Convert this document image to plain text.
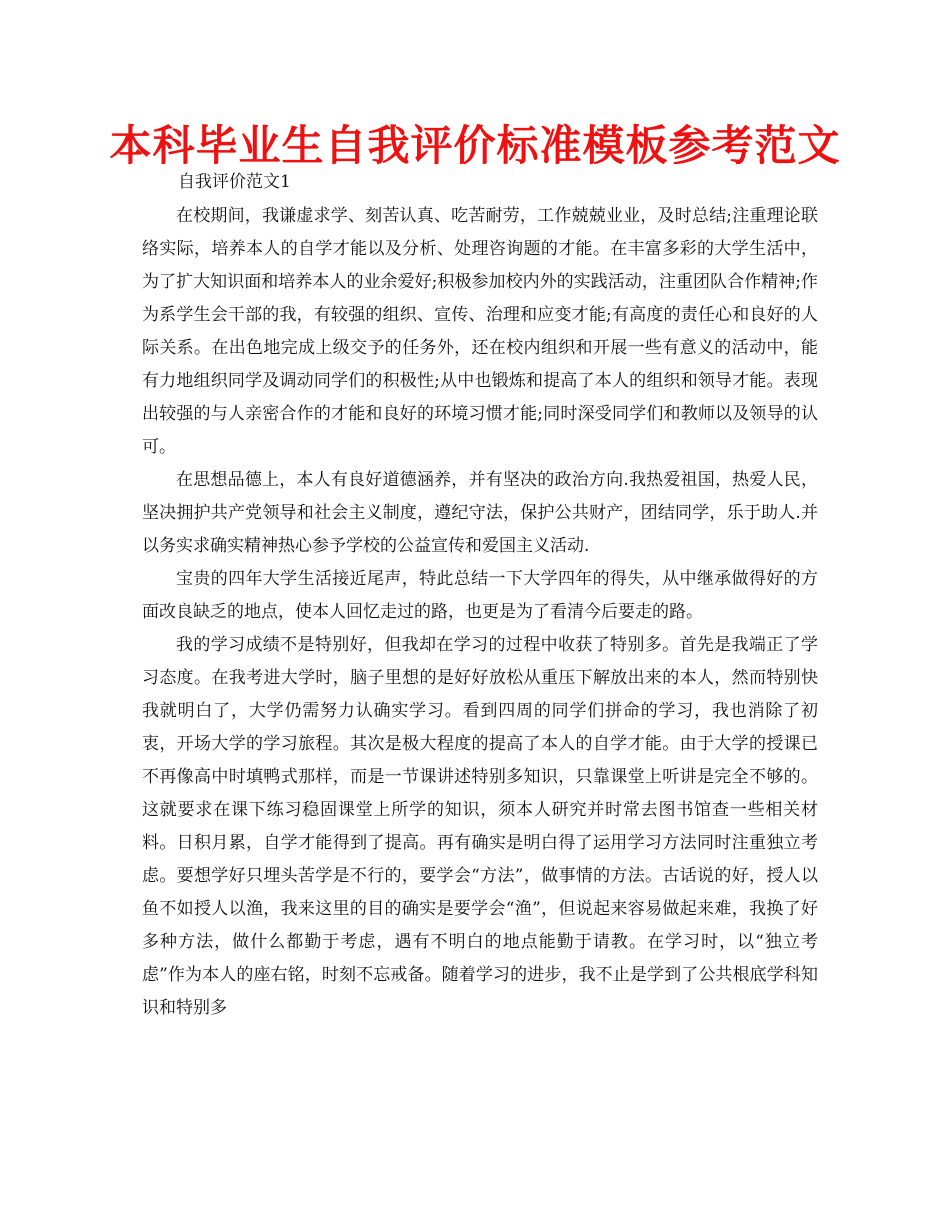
本科毕业生自我评价标准模板参考范文
自我评价范文1

在校期间，我谦虚求学、刻苦认真、吃苦耐劳，工作兢兢业业，及时总结;注重理论联络实际，培养本人的自学才能以及分析、处理咨询题的才能。在丰富多彩的大学生活中，为了扩大知识面和培养本人的业余爱好;积极参加校内外的实践活动，注重团队合作精神;作为系学生会干部的我，有较强的组织、宣传、治理和应变才能;有高度的责任心和良好的人际关系。在出色地完成上级交予的任务外，还在校内组织和开展一些有意义的活动中，能有力地组织同学及调动同学们的积极性;从中也锻炼和提高了本人的组织和领导才能。表现出较强的与人亲密合作的才能和良好的环境习惯才能;同时深受同学们和教师以及领导的认可。

在思想品德上，本人有良好道德涵养，并有坚决的政治方向.我热爱祖国，热爱人民，坚决拥护共产党领导和社会主义制度，遵纪守法，保护公共财产，团结同学，乐于助人.并以务实求确实精神热心参予学校的公益宣传和爱国主义活动.

宝贵的四年大学生活接近尾声，特此总结一下大学四年的得失，从中继承做得好的方面改良缺乏的地点，使本人回忆走过的路，也更是为了看清今后要走的路。

我的学习成绩不是特别好，但我却在学习的过程中收获了特别多。首先是我端正了学习态度。在我考进大学时，脑子里想的是好好放松从重压下解放出来的本人，然而特别快我就明白了，大学仍需努力认确实学习。看到四周的同学们拼命的学习，我也消除了初衷，开场大学的学习旅程。其次是极大程度的提高了本人的自学才能。由于大学的授课已不再像高中时填鸭式那样，而是一节课讲述特别多知识，只靠课堂上听讲是完全不够的。这就要求在课下练习稳固课堂上所学的知识，须本人研究并时常去图书馆查一些相关材料。日积月累，自学才能得到了提高。再有确实是明白得了运用学习方法同时注重独立考虑。要想学好只埋头苦学是不行的，要学会“方法”，做事情的方法。古话说的好，授人以鱼不如授人以渔，我来这里的目的确实是要学会“渔”，但说起来容易做起来难，我换了好多种方法，做什么都勤于考虑，遇有不明白的地点能勤于请教。在学习时，以“独立考虑”作为本人的座右铭，时刻不忘戒备。随着学习的进步，我不止是学到了公共根底学科知识和特别多
